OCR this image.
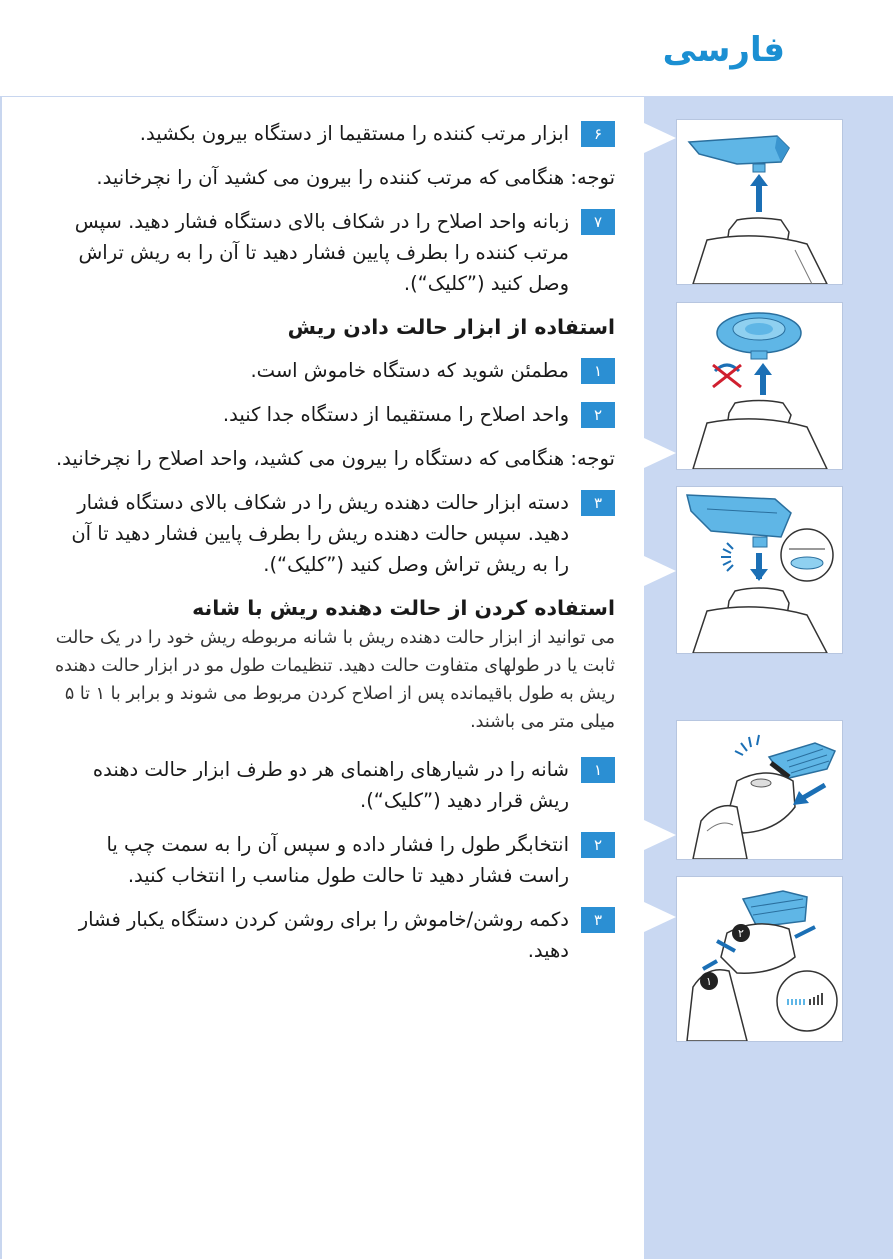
فارسی
۱
۲
۶
ابزار مرتب کننده را مستقیما از دستگاه بیرون بکشید.
توجه: هنگامی که مرتب کننده را بیرون می کشید آن را نچرخانید.
۷
زبانه واحد اصلاح را در شکاف بالای دستگاه فشار دهید. سپس مرتب کننده را بطرف پایین فشار دهید تا آن را به ریش تراش وصل کنید (”کلیک“).
استفاده از ابزار حالت دادن ریش
۱
مطمئن شوید که دستگاه خاموش است.
۲
واحد اصلاح را مستقیما از دستگاه جدا کنید.
توجه: هنگامی که دستگاه را بیرون می کشید، واحد اصلاح را نچرخانید.
۳
دسته ابزار حالت دهنده ریش را در شکاف بالای دستگاه فشار دهید. سپس حالت دهنده ریش را بطرف پایین فشار دهید تا آن را به ریش تراش وصل کنید (”کلیک“).
استفاده کردن از حالت دهنده ریش با شانه
می توانید از ابزار حالت دهنده ریش با شانه مربوطه ریش خود را در یک حالت ثابت یا در طولهای متفاوت حالت دهید. تنظیمات طول مو در ابزار حالت دهنده ریش به طول باقیمانده پس از اصلاح کردن مربوط می شوند و برابر با ۱ تا ۵ میلی متر می باشند.
۱
شانه را در شیارهای راهنمای هر دو طرف ابزار حالت دهنده ریش قرار دهید (”کلیک“).
۲
انتخابگر طول را فشار داده و سپس آن را به سمت چپ یا راست فشار دهید تا حالت طول مناسب را انتخاب کنید.
۳
دکمه روشن/خاموش را برای روشن کردن دستگاه یکبار فشار دهید.
